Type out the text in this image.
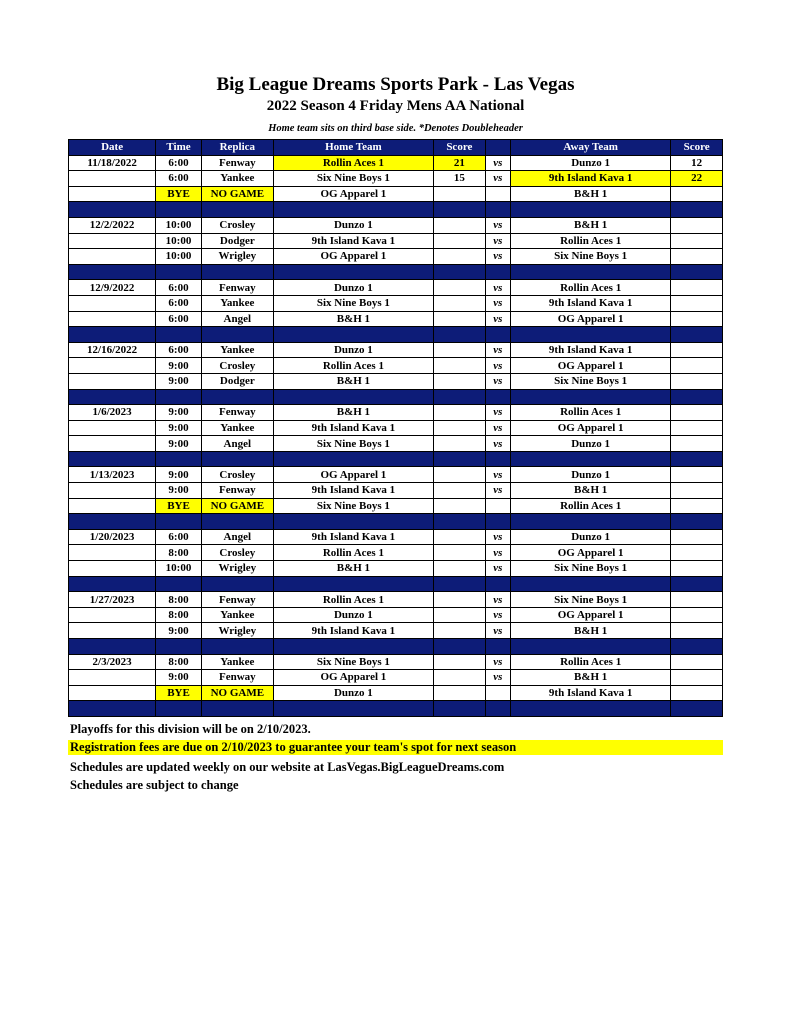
Big League Dreams Sports Park - Las Vegas
2022 Season 4 Friday Mens AA National
Home team sits on third base side. *Denotes Doubleheader
Date	Time	Replica	Home Team	Score		Away Team	Score
11/18/2022	6:00	Fenway	Rollin Aces 1	21	vs	Dunzo 1	12
	6:00	Yankee	Six Nine Boys 1	15	vs	9th Island Kava 1	22
	BYE	NO GAME	OG Apparel 1			B&H 1	

12/2/2022	10:00	Crosley	Dunzo 1		vs	B&H 1	
	10:00	Dodger	9th Island Kava 1		vs	Rollin Aces 1	
	10:00	Wrigley	OG Apparel 1		vs	Six Nine Boys 1	

12/9/2022	6:00	Fenway	Dunzo 1		vs	Rollin Aces 1	
	6:00	Yankee	Six Nine Boys 1		vs	9th Island Kava 1	
	6:00	Angel	B&H 1		vs	OG Apparel 1	

12/16/2022	6:00	Yankee	Dunzo 1		vs	9th Island Kava 1	
	9:00	Crosley	Rollin Aces 1		vs	OG Apparel 1	
	9:00	Dodger	B&H 1		vs	Six Nine Boys 1	

1/6/2023	9:00	Fenway	B&H 1		vs	Rollin Aces 1	
	9:00	Yankee	9th Island Kava 1		vs	OG Apparel 1	
	9:00	Angel	Six Nine Boys 1		vs	Dunzo 1	

1/13/2023	9:00	Crosley	OG Apparel 1		vs	Dunzo 1	
	9:00	Fenway	9th Island Kava 1		vs	B&H 1	
	BYE	NO GAME	Six Nine Boys 1			Rollin Aces 1	

1/20/2023	6:00	Angel	9th Island Kava 1		vs	Dunzo 1	
	8:00	Crosley	Rollin Aces 1		vs	OG Apparel 1	
	10:00	Wrigley	B&H 1		vs	Six Nine Boys 1	

1/27/2023	8:00	Fenway	Rollin Aces 1		vs	Six Nine Boys 1	
	8:00	Yankee	Dunzo 1		vs	OG Apparel 1	
	9:00	Wrigley	9th Island Kava 1		vs	B&H 1	

2/3/2023	8:00	Yankee	Six Nine Boys 1		vs	Rollin Aces 1	
	9:00	Fenway	OG Apparel 1		vs	B&H 1	
	BYE	NO GAME	Dunzo 1			9th Island Kava 1	

Playoffs for this division will be on 2/10/2023.
Registration fees are due on 2/10/2023 to guarantee your team's spot for next season
Schedules are updated weekly on our website at LasVegas.BigLeagueDreams.com
Schedules are subject to change
